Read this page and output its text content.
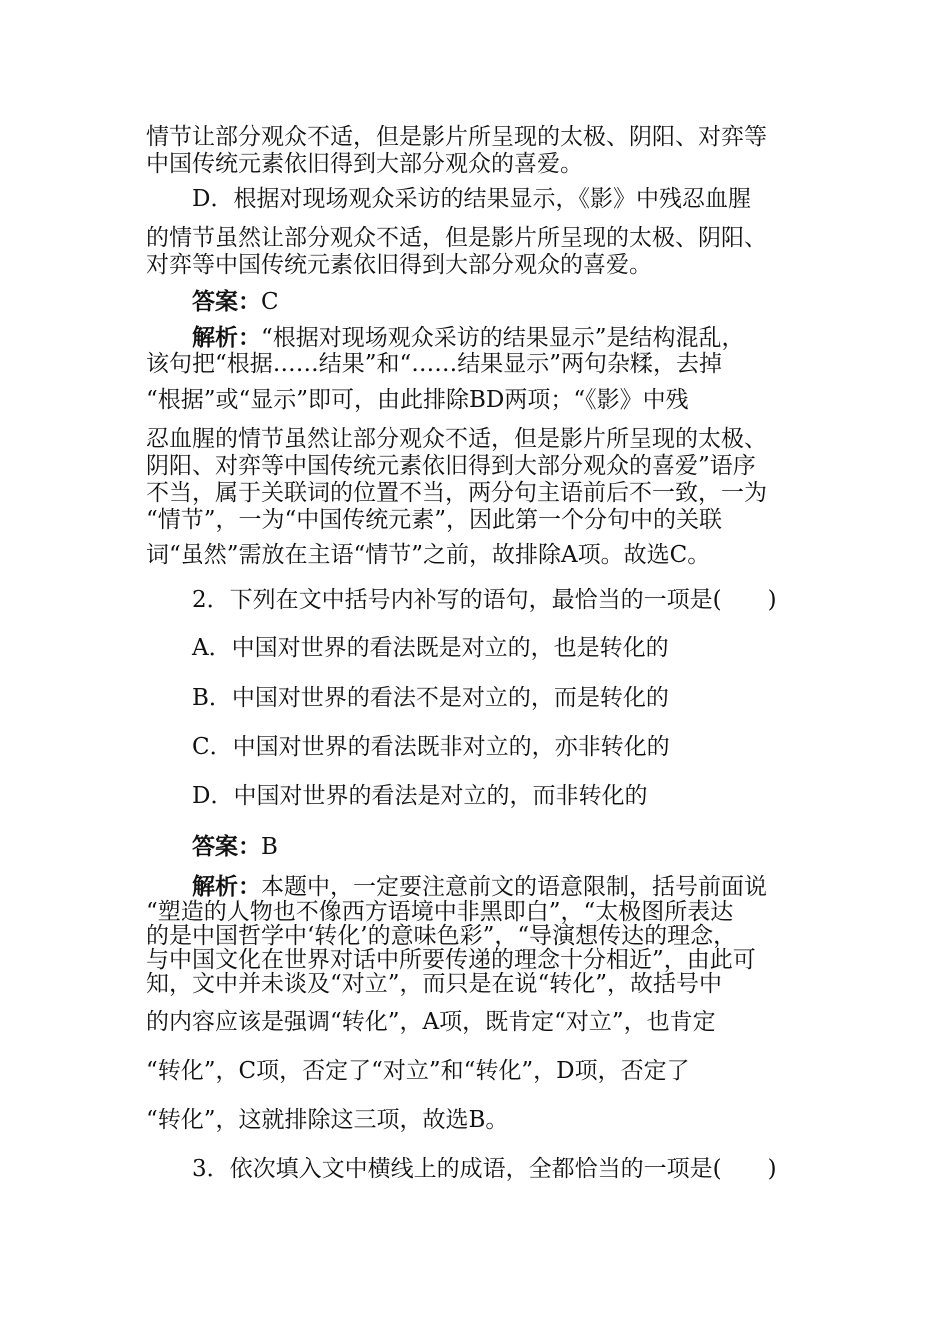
情节让部分观众不适，但是影片所呈现的太极、阴阳、对弈等
中国传统元素依旧得到大部分观众的喜爱。
D．根据对现场观众采访的结果显示，《影》中残忍血腥
的情节虽然让部分观众不适，但是影片所呈现的太极、阴阳、
对弈等中国传统元素依旧得到大部分观众的喜爱。
答案：C
解析：“根据对现场观众采访的结果显示”是结构混乱，
该句把“根据……结果”和“……结果显示”两句杂糅，去掉
“根据”或“显示”即可，由此排除BD两项；“《影》中残
忍血腥的情节虽然让部分观众不适，但是影片所呈现的太极、
阴阳、对弈等中国传统元素依旧得到大部分观众的喜爱”语序
不当，属于关联词的位置不当，两分句主语前后不一致，一为
“情节”，一为“中国传统元素”，因此第一个分句中的关联
词“虽然”需放在主语“情节”之前，故排除A项。故选C。
2．下列在文中括号内补写的语句，最恰当的一项是(　　)
A．中国对世界的看法既是对立的，也是转化的
B．中国对世界的看法不是对立的，而是转化的
C．中国对世界的看法既非对立的，亦非转化的
D．中国对世界的看法是对立的，而非转化的
答案：B
解析：本题中，一定要注意前文的语意限制，括号前面说
“塑造的人物也不像西方语境中非黑即白”，“太极图所表达
的是中国哲学中‘转化’的意味色彩”，“导演想传达的理念，
与中国文化在世界对话中所要传递的理念十分相近”，由此可
知，文中并未谈及“对立”，而只是在说“转化”，故括号中
的内容应该是强调“转化”，A项，既肯定“对立”，也肯定
“转化”，C项，否定了“对立”和“转化”，D项，否定了
“转化”，这就排除这三项，故选B。
3．依次填入文中横线上的成语，全都恰当的一项是(　　)
